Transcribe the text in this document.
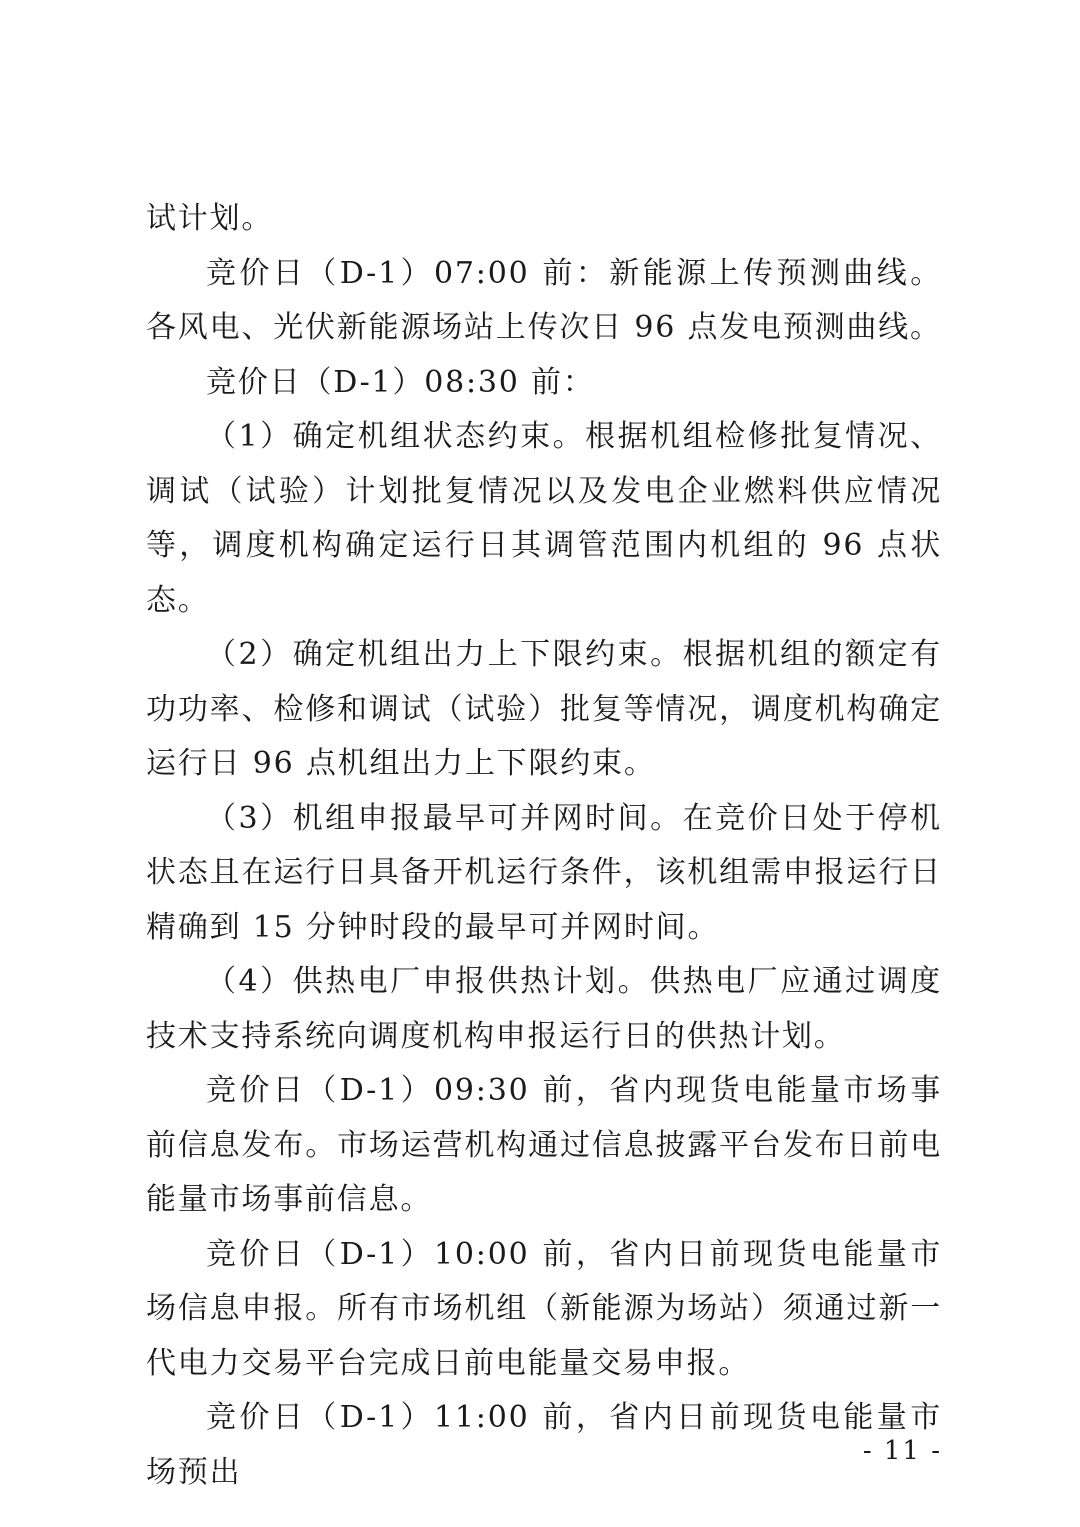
试计划。

竞价日（D-1）07:00 前：新能源上传预测曲线。各风电、光伏新能源场站上传次日 96 点发电预测曲线。

竞价日（D-1）08:30 前：

（1）确定机组状态约束。根据机组检修批复情况、调试（试验）计划批复情况以及发电企业燃料供应情况等，调度机构确定运行日其调管范围内机组的 96 点状态。

（2）确定机组出力上下限约束。根据机组的额定有功功率、检修和调试（试验）批复等情况，调度机构确定运行日 96 点机组出力上下限约束。

（3）机组申报最早可并网时间。在竞价日处于停机状态且在运行日具备开机运行条件，该机组需申报运行日精确到 15 分钟时段的最早可并网时间。

（4）供热电厂申报供热计划。供热电厂应通过调度技术支持系统向调度机构申报运行日的供热计划。

竞价日（D-1）09:30 前，省内现货电能量市场事前信息发布。市场运营机构通过信息披露平台发布日前电能量市场事前信息。

竞价日（D-1）10:00 前，省内日前现货电能量市场信息申报。所有市场机组（新能源为场站）须通过新一代电力交易平台完成日前电能量交易申报。

竞价日（D-1）11:00 前，省内日前现货电能量市场预出

- 11 -
